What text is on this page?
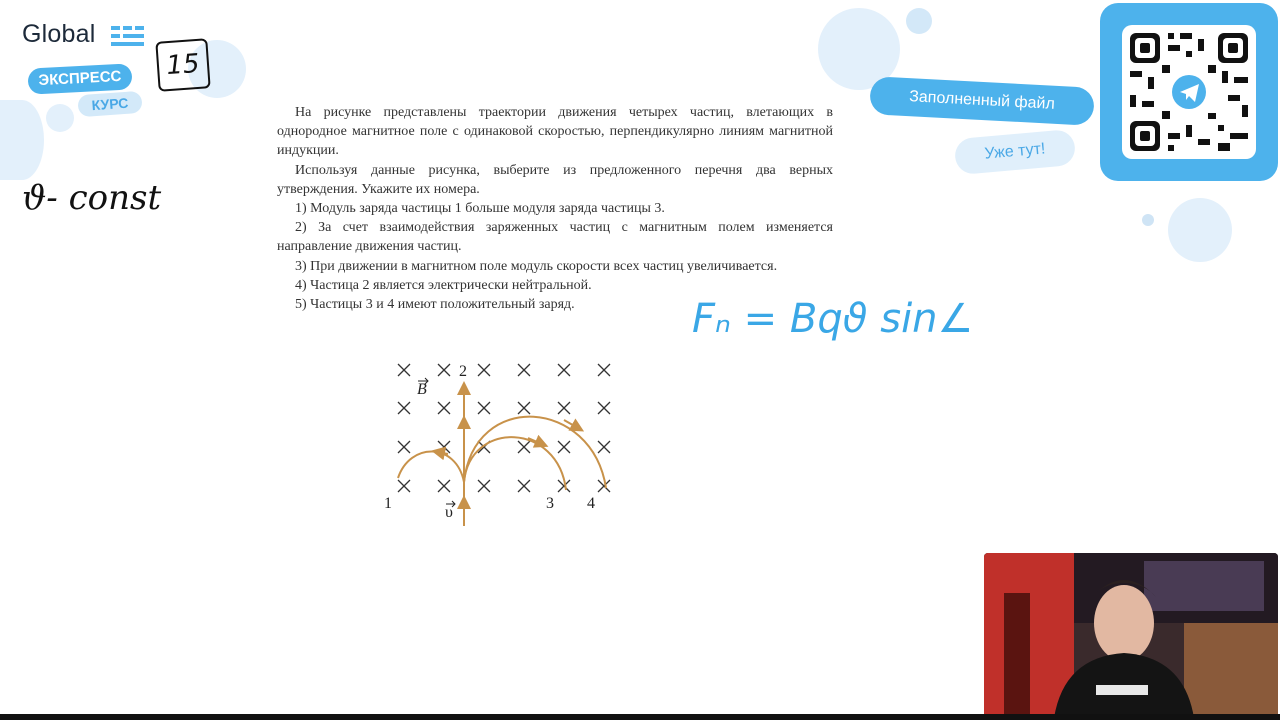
Global
ЭКСПРЕСС
КУРС
15
ϑ- const

На рисунке представлены траектории движения четырех частиц, влетающих в однородное магнитное поле с одинаковой скоростью, перпендикулярно линиям магнитной индукции.

Используя данные рисунка, выберите из предложенного перечня два верных утверждения. Укажите их номера.

1) Модуль заряда частицы 1 больше модуля заряда частицы 3.

2) За счет взаимодействия заряженных частиц с магнитным полем изменяется направление движения частиц.

3) При движении в магнитном поле модуль скорости всех частиц увеличивается.

4) Частица 2 является электрически нейтральной.

5) Частицы 3 и 4 имеют положительный заряд.

1
2
3 4
B
υ
Fₙ = Bqϑ sin∠
Заполненный файл
Уже тут!
